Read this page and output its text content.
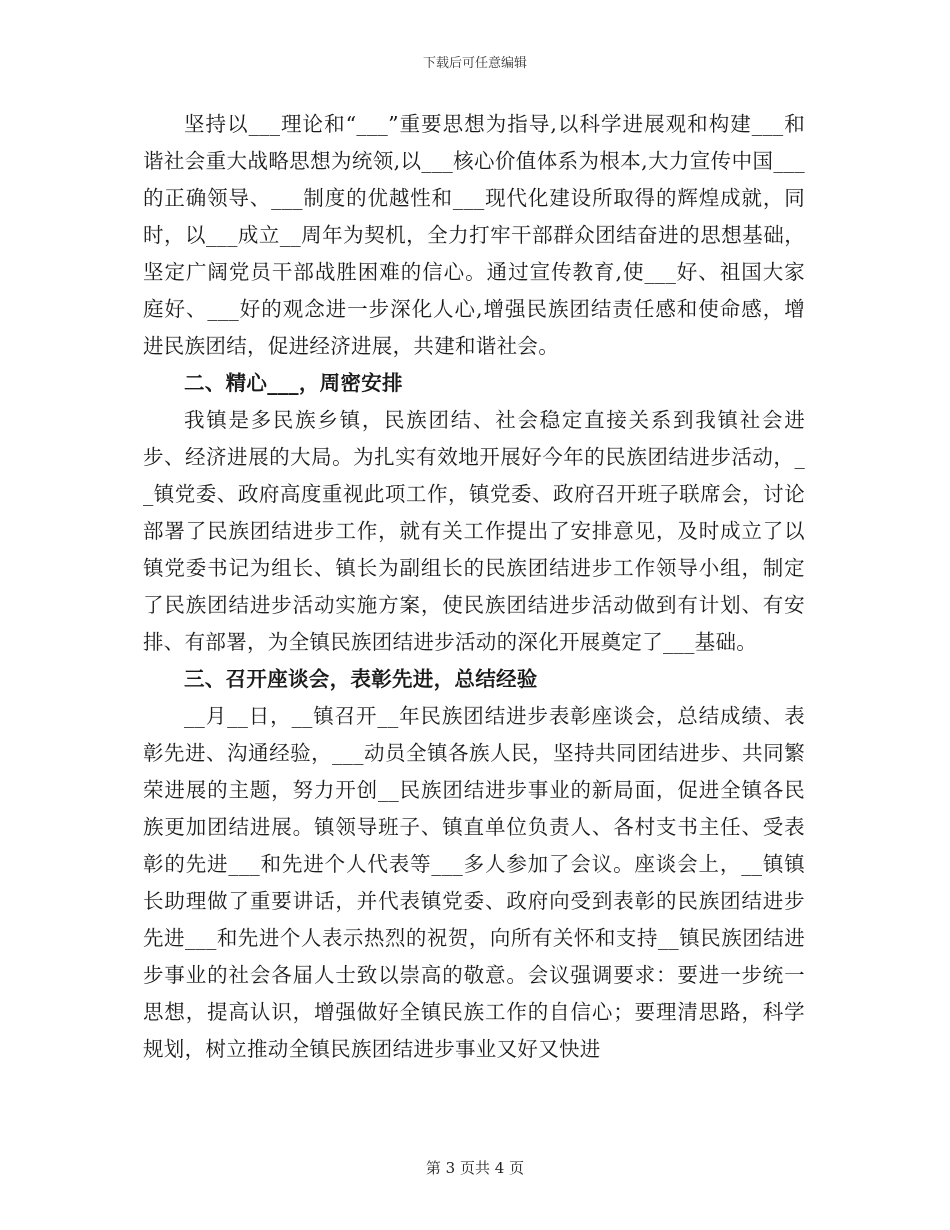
下载后可任意编辑

坚持以___理论和“___”重要思想为指导,以科学进展观和构建___和谐社会重大战略思想为统领,以___核心价值体系为根本,大力宣传中国___的正确领导、___制度的优越性和___现代化建设所取得的辉煌成就，同时，以___成立__周年为契机，全力打牢干部群众团结奋进的思想基础，坚定广阔党员干部战胜困难的信心。通过宣传教育,使___好、祖国大家庭好、___好的观念进一步深化人心,增强民族团结责任感和使命感，增进民族团结，促进经济进展，共建和谐社会。

二、精心___，周密安排

我镇是多民族乡镇，民族团结、社会稳定直接关系到我镇社会进步、经济进展的大局。为扎实有效地开展好今年的民族团结进步活动，__镇党委、政府高度重视此项工作，镇党委、政府召开班子联席会，讨论部署了民族团结进步工作，就有关工作提出了安排意见，及时成立了以镇党委书记为组长、镇长为副组长的民族团结进步工作领导小组，制定了民族团结进步活动实施方案，使民族团结进步活动做到有计划、有安排、有部署，为全镇民族团结进步活动的深化开展奠定了___基础。

三、召开座谈会，表彰先进，总结经验

__月__日，__镇召开__年民族团结进步表彰座谈会，总结成绩、表彰先进、沟通经验，___动员全镇各族人民，坚持共同团结进步、共同繁荣进展的主题，努力开创__民族团结进步事业的新局面，促进全镇各民族更加团结进展。镇领导班子、镇直单位负责人、各村支书主任、受表彰的先进___和先进个人代表等___多人参加了会议。座谈会上，__镇镇长助理做了重要讲话，并代表镇党委、政府向受到表彰的民族团结进步先进___和先进个人表示热烈的祝贺，向所有关怀和支持__镇民族团结进步事业的社会各届人士致以崇高的敬意。会议强调要求：要进一步统一思想，提高认识，增强做好全镇民族工作的自信心；要理清思路，科学规划，树立推动全镇民族团结进步事业又好又快进

第 3 页共 4 页
